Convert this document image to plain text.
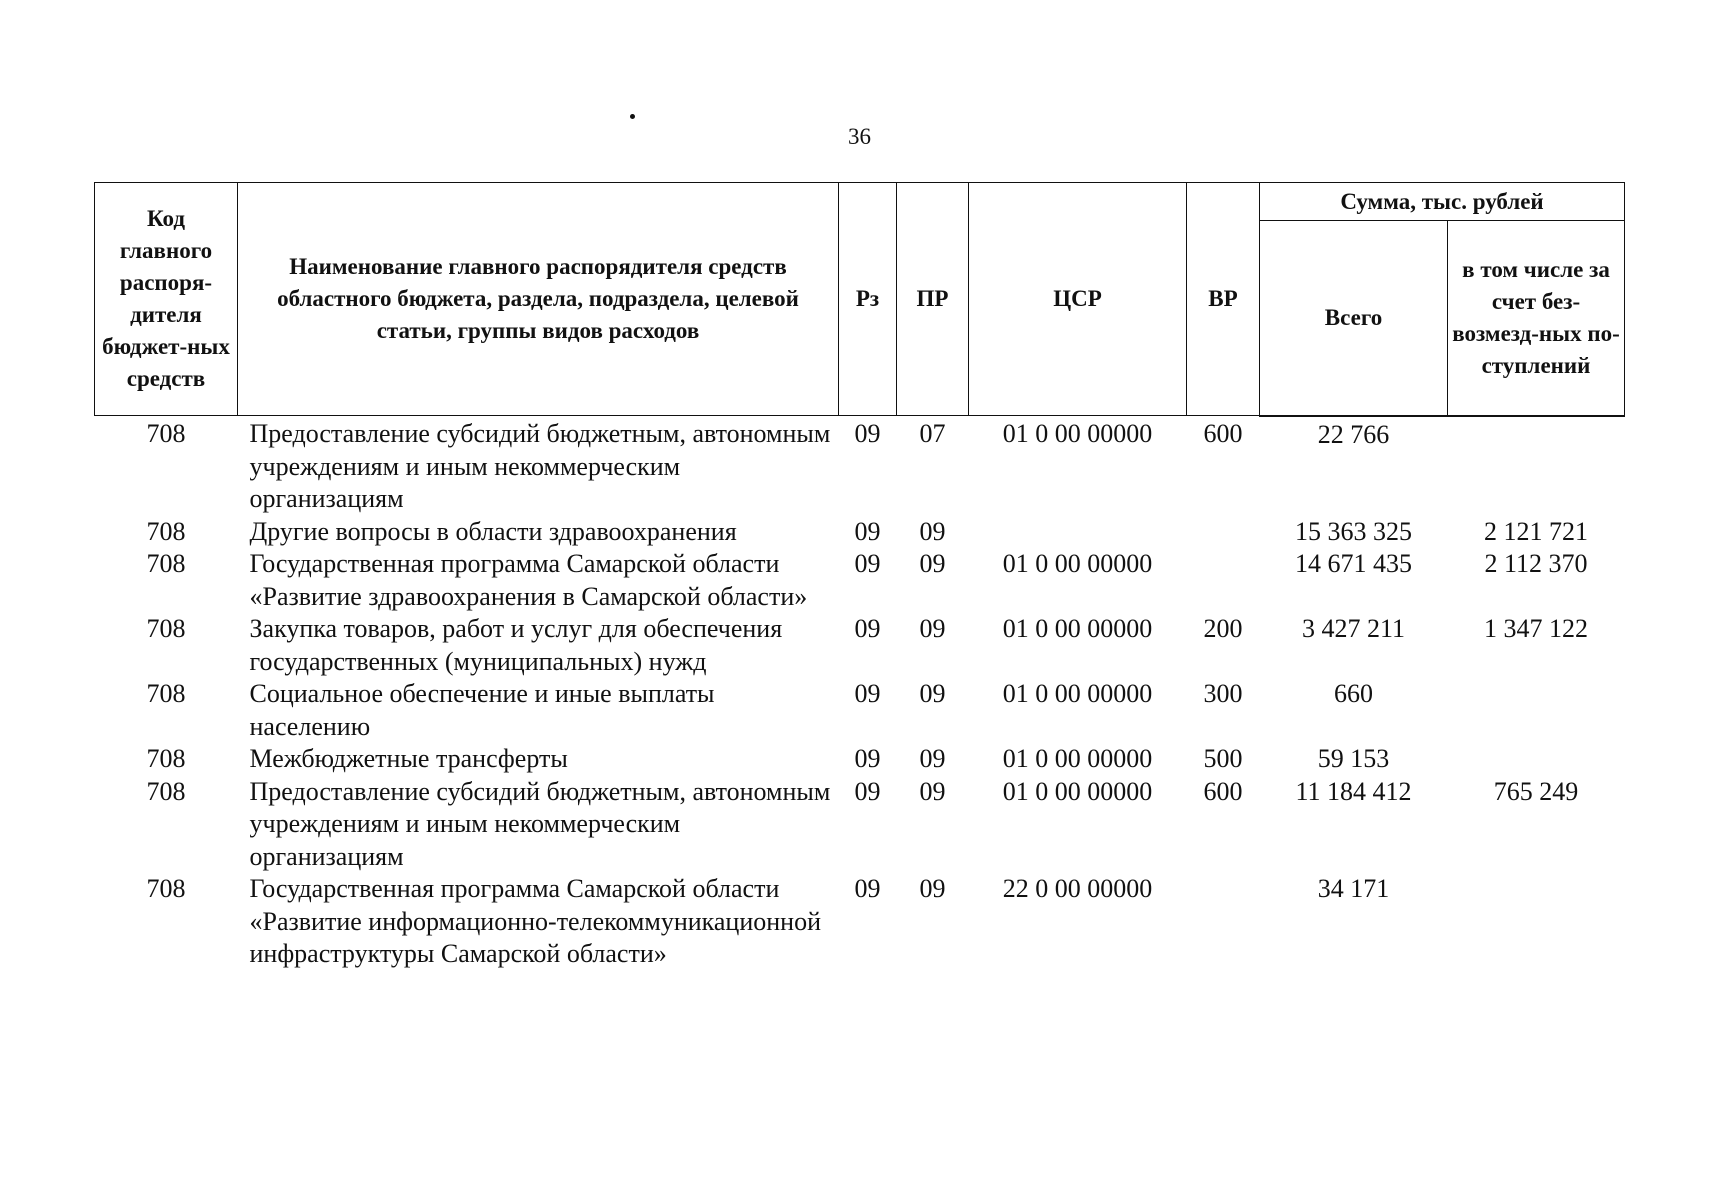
36
Код главного распоря-дителя бюджет-ных средств	Наименование главного распорядителя средств областного бюджета, раздела, подраздела, целевой статьи, группы видов расходов	Рз	ПР	ЦСР	ВР	Сумма, тыс. рублей	
						Всего	в том числе за счет без-возмезд-ных по-ступлений
708	Предоставление субсидий бюджетным, автономным учреждениям и иным некоммерческим организациям	09	07	01 0 00 00000	600	22 766	
708	Другие вопросы в области здравоохранения	09	09			15 363 325	2 121 721
708	Государственная программа Самарской области «Развитие здравоохранения в Самарской области»	09	09	01 0 00 00000		14 671 435	2 112 370
708	Закупка товаров, работ и услуг для обеспечения государственных (муниципальных) нужд	09	09	01 0 00 00000	200	3 427 211	1 347 122
708	Социальное обеспечение и иные выплаты населению	09	09	01 0 00 00000	300	660	
708	Межбюджетные трансферты	09	09	01 0 00 00000	500	59 153	
708	Предоставление субсидий бюджетным, автономным учреждениям и иным некоммерческим организациям	09	09	01 0 00 00000	600	11 184 412	765 249
708	Государственная программа Самарской области «Развитие информационно-телекоммуникационной инфраструктуры Самарской области»	09	09	22 0 00 00000		34 171	
